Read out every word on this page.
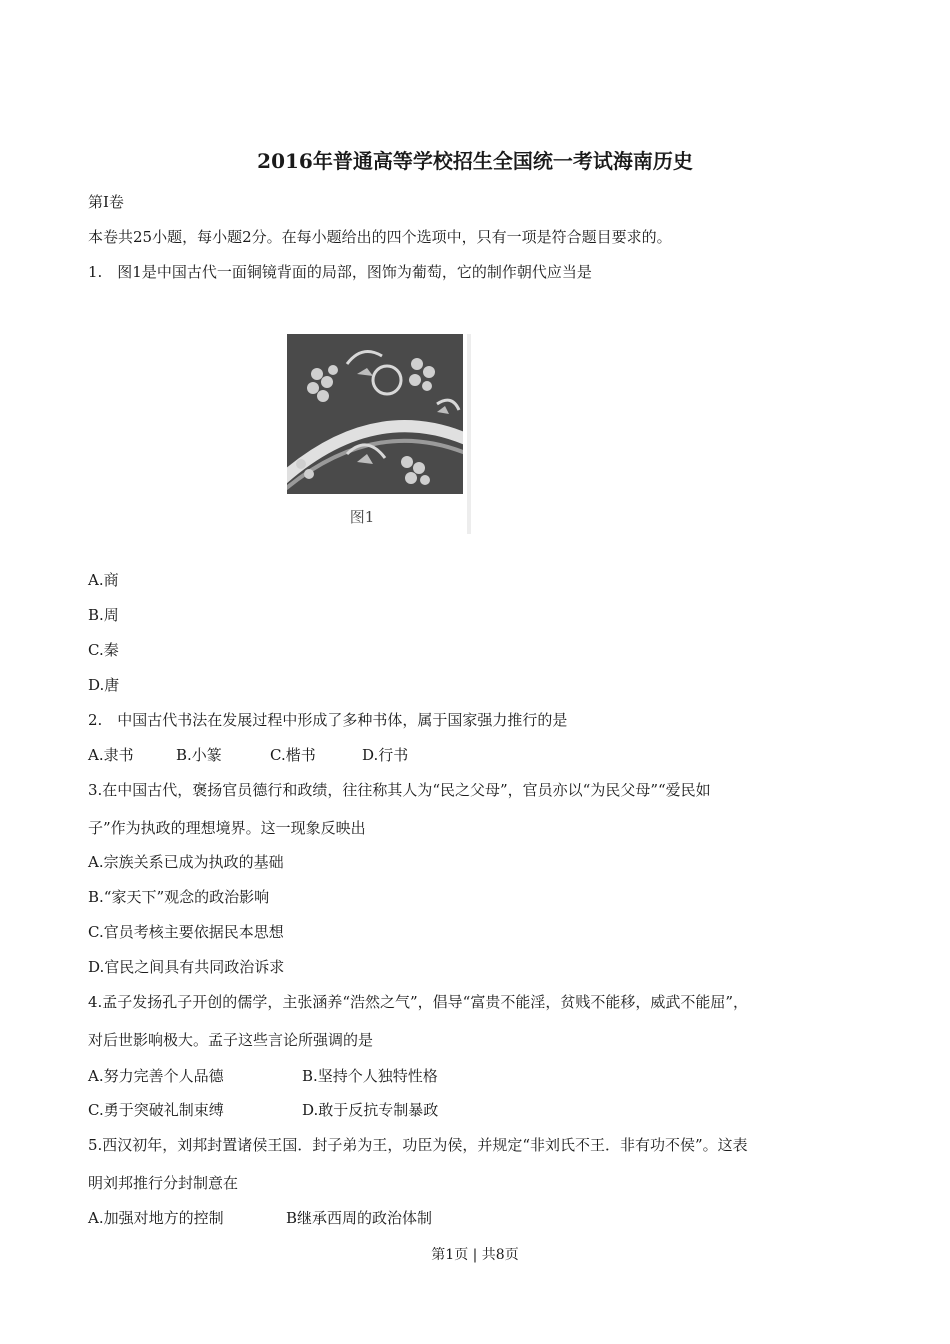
2016年普通高等学校招生全国统一考试海南历史
第Ⅰ卷
本卷共25小题，每小题2分。在每小题给出的四个选项中，只有一项是符合题目要求的。
1.　图1是中国古代一面铜镜背面的局部，图饰为葡萄，它的制作朝代应当是
图1
A.商
B.周
C.秦
D.唐
2.　中国古代书法在发展过程中形成了多种书体，属于国家强力推行的是
A.隶书	B.小篆	C.楷书	D.行书
3.在中国古代，褒扬官员德行和政绩，往往称其人为“民之父母”，官员亦以“为民父母”“爱民如
子”作为执政的理想境界。这一现象反映出
A.宗族关系已成为执政的基础
B.“家天下”观念的政治影响
C.官员考核主要依据民本思想
D.官民之间具有共同政治诉求
4.孟子发扬孔子开创的儒学，主张涵养“浩然之气”，倡导“富贵不能淫，贫贱不能移，威武不能屈”，
对后世影响极大。孟子这些言论所强调的是
A.努力完善个人品德	B.坚持个人独特性格
C.勇于突破礼制束缚	D.敢于反抗专制暴政
5.西汉初年，刘邦封置诸侯王国．封子弟为王，功臣为侯，并规定“非刘氏不王．非有功不侯”。这表
明刘邦推行分封制意在
A.加强对地方的控制	B继承西周的政治体制
第1页 | 共8页
